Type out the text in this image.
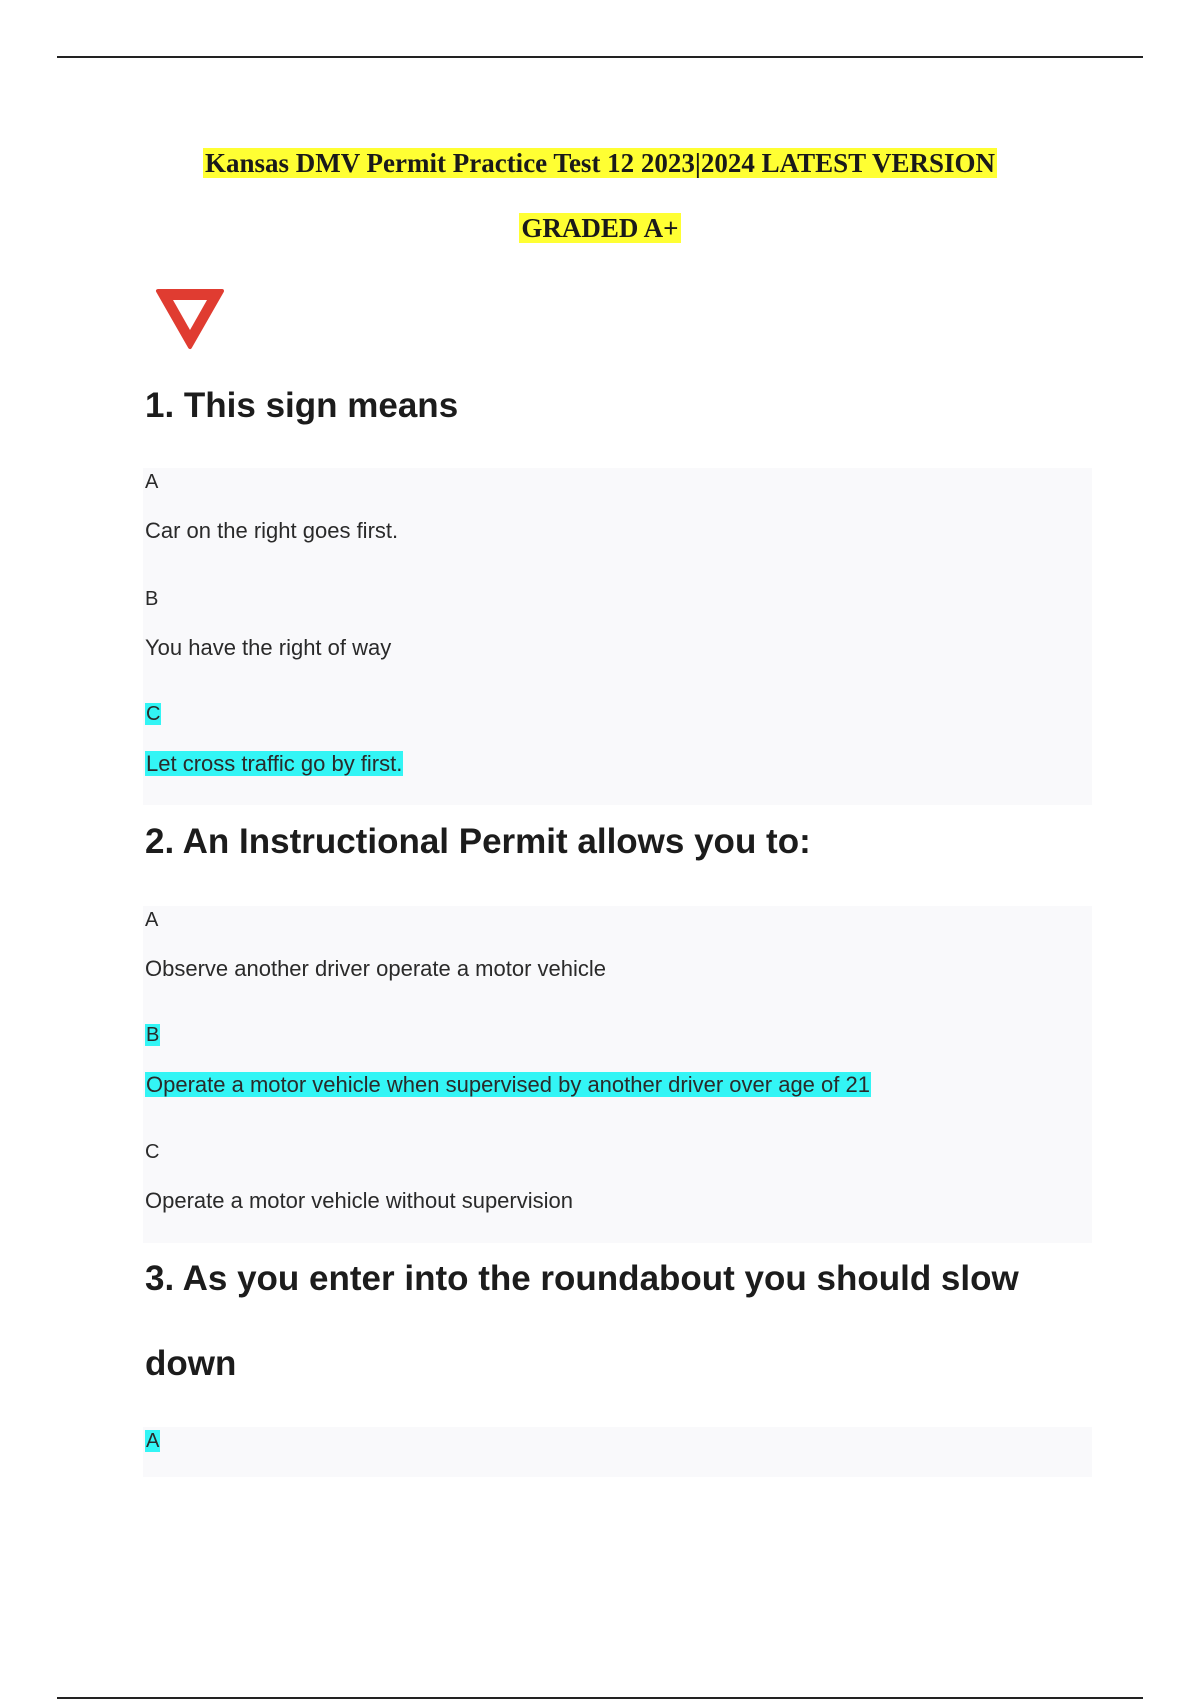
Kansas DMV Permit Practice Test 12 2023|2024 LATEST VERSION
GRADED A+
1. This sign means
A
Car on the right goes first.
B
You have the right of way
C
Let cross traffic go by first.
2. An Instructional Permit allows you to:
A
Observe another driver operate a motor vehicle
B
Operate a motor vehicle when supervised by another driver over age of 21
C
Operate a motor vehicle without supervision
3. As you enter into the roundabout you should slow
down
A
